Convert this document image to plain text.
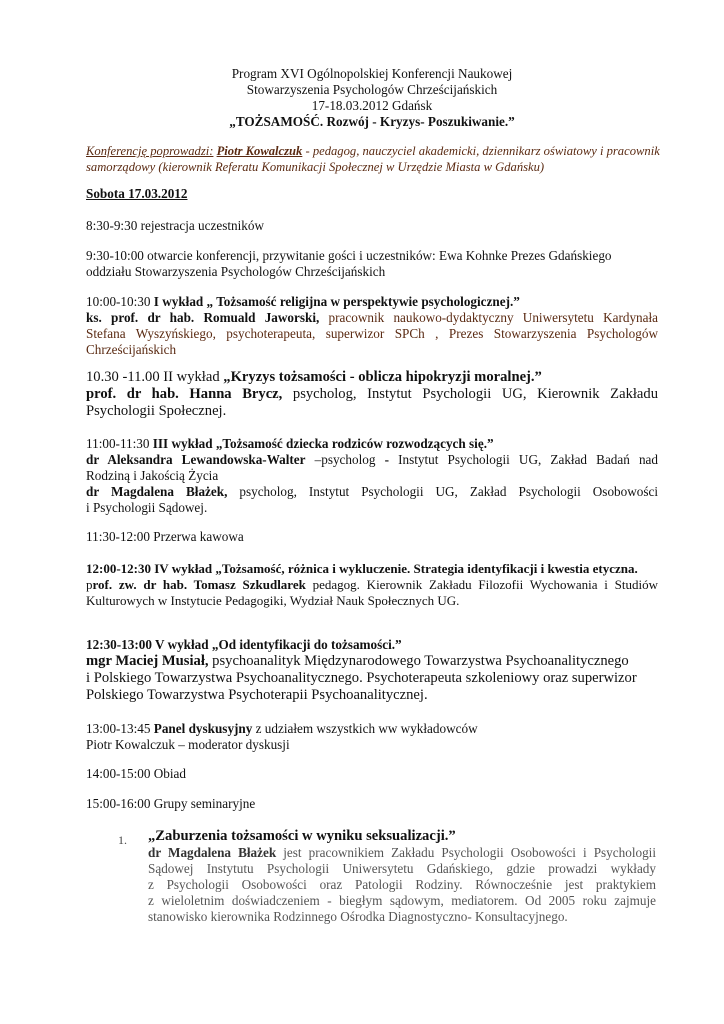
Program XVI Ogólnopolskiej Konferencji Naukowej
Stowarzyszenia Psychologów Chrześcijańskich
17-18.03.2012 Gdańsk
„TOŻSAMOŚĆ. Rozwój - Kryzys- Poszukiwanie.”
Konferencję poprowadzi: Piotr Kowalczuk - pedagog, nauczyciel akademicki, dziennikarz oświatowy i pracownik
samorządowy (kierownik Referatu Komunikacji Społecznej w Urzędzie Miasta w Gdańsku)
Sobota 17.03.2012
8:30-9:30 rejestracja uczestników
9:30-10:00 otwarcie konferencji, przywitanie gości i uczestników: Ewa Kohnke Prezes Gdańskiego
oddziału Stowarzyszenia Psychologów Chrześcijańskich
10:00-10:30 I wykład „ Tożsamość religijna w perspektywie psychologicznej.”
ks. prof. dr hab. Romuald Jaworski, pracownik naukowo-dydaktyczny Uniwersytetu Kardynała
Stefana Wyszyńskiego, psychoterapeuta, superwizor SPCh , Prezes Stowarzyszenia Psychologów
Chrześcijańskich
10.30 -11.00 II wykład „Kryzys tożsamości - oblicza hipokryzji moralnej.”
prof. dr hab. Hanna Brycz, psycholog, Instytut Psychologii UG, Kierownik Zakładu
Psychologii Społecznej.
11:00-11:30 III wykład „Tożsamość dziecka rodziców rozwodzących się.”
dr Aleksandra Lewandowska-Walter –psycholog - Instytut Psychologii UG, Zakład Badań nad
Rodziną i Jakością Życia
dr Magdalena Błażek, psycholog, Instytut Psychologii UG, Zakład Psychologii Osobowości
i Psychologii Sądowej.
11:30-12:00 Przerwa kawowa
12:00-12:30 IV wykład „Tożsamość, różnica i wykluczenie. Strategia identyfikacji i kwestia etyczna.
prof. zw. dr hab. Tomasz Szkudlarek pedagog. Kierownik Zakładu Filozofii Wychowania i Studiów
Kulturowych w Instytucie Pedagogiki, Wydział Nauk Społecznych UG.
12:30-13:00 V wykład „Od identyfikacji do tożsamości.”
mgr Maciej Musiał, psychoanalityk Międzynarodowego Towarzystwa Psychoanalitycznego
i Polskiego Towarzystwa Psychoanalitycznego. Psychoterapeuta szkoleniowy oraz superwizor
Polskiego Towarzystwa Psychoterapii Psychoanalitycznej.
13:00-13:45 Panel dyskusyjny z udziałem wszystkich ww wykładowców
Piotr Kowalczuk – moderator dyskusji
14:00-15:00 Obiad
15:00-16:00 Grupy seminaryjne
1. „Zaburzenia tożsamości w wyniku seksualizacji.”
dr Magdalena Błażek jest pracownikiem Zakładu Psychologii Osobowości i Psychologii
Sądowej Instytutu Psychologii Uniwersytetu Gdańskiego, gdzie prowadzi wykłady
z Psychologii Osobowości oraz Patologii Rodziny. Równocześnie jest praktykiem
z wieloletnim doświadczeniem - biegłym sądowym, mediatorem. Od 2005 roku zajmuje
stanowisko kierownika Rodzinnego Ośrodka Diagnostyczno- Konsultacyjnego.
